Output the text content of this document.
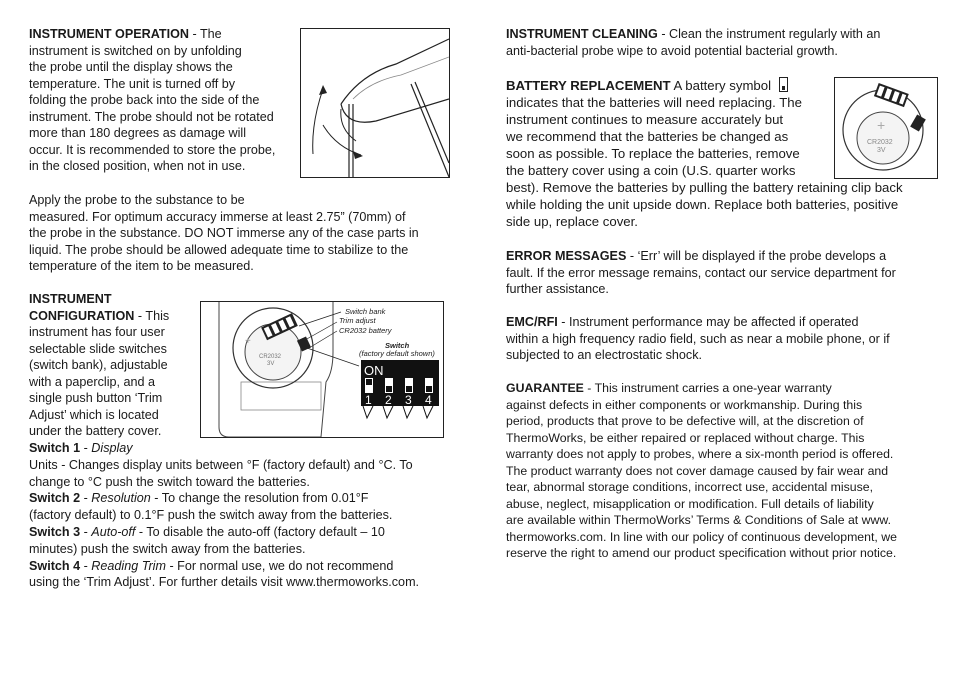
INSTRUMENT OPERATION - The

instrument is switched on by unfolding

the probe until the display shows the

temperature. The unit is turned off by

folding the probe back into the side of the

instrument. The probe should not be rotated

more than 180 degrees as damage will

occur. It is recommended to store the probe,

in the closed position, when not in use.

Apply the probe to the substance to be

measured. For optimum accuracy immerse at least 2.75” (70mm) of

the probe in the substance. DO NOT immerse any of the case parts in

liquid. The probe should be allowed adequate time to stabilize to the

temperature of the item to be measured.

INSTRUMENT

CONFIGURATION - This

instrument has four user

selectable slide switches

(switch bank), adjustable

with a paperclip, and a

single push button ‘Trim

Adjust’ which is located

under the battery cover.

Switch 1 - Display

Units - Changes display units between °F (factory default) and °C. To

change to °C push the switch toward the batteries.

Switch 2 - Resolution - To change the resolution from 0.01°F

(factory default) to 0.1°F push the switch away from the batteries.

Switch 3 - Auto-off - To disable the auto-off (factory default – 10

minutes) push the switch away from the batteries.

Switch 4 - Reading Trim - For normal use, we do not recommend

using the ‘Trim Adjust’. For further details visit www.thermoworks.com.

+
CR2032
3V
Switch bank
Trim adjust
CR2032 battery
Switch
(factory default shown)
ON
1 2 3 4

INSTRUMENT CLEANING - Clean the instrument regularly with an

anti-bacterial probe wipe to avoid potential bacterial growth.

BATTERY REPLACEMENT A battery symbol

indicates that the batteries will need replacing. The

instrument continues to measure accurately but

we recommend that the batteries be changed as

soon as possible. To replace the batteries, remove

the battery cover using a coin (U.S. quarter works

best). Remove the batteries by pulling the battery retaining clip back

while holding the unit upside down. Replace both batteries, positive

side up, replace cover.

+
CR2032
3V

ERROR MESSAGES - ‘Err’ will be displayed if the probe develops a

fault. If the error message remains, contact our service department for

further assistance.

EMC/RFI - Instrument performance may be affected if operated

within a high frequency radio field, such as near a mobile phone, or if

subjected to an electrostatic shock.

GUARANTEE - This instrument carries a one-year warranty

against defects in either components or workmanship. During this

period, products that prove to be defective will, at the discretion of

ThermoWorks, be either repaired or replaced without charge. This

warranty does not apply to probes, where a six-month period is offered.

The product warranty does not cover damage caused by fair wear and

tear, abnormal storage conditions, incorrect use, accidental misuse,

abuse, neglect, misapplication or modification. Full details of liability

are available within ThermoWorks’ Terms & Conditions of Sale at www.

thermoworks.com. In line with our policy of continuous development, we

reserve the right to amend our product specification without prior notice.
